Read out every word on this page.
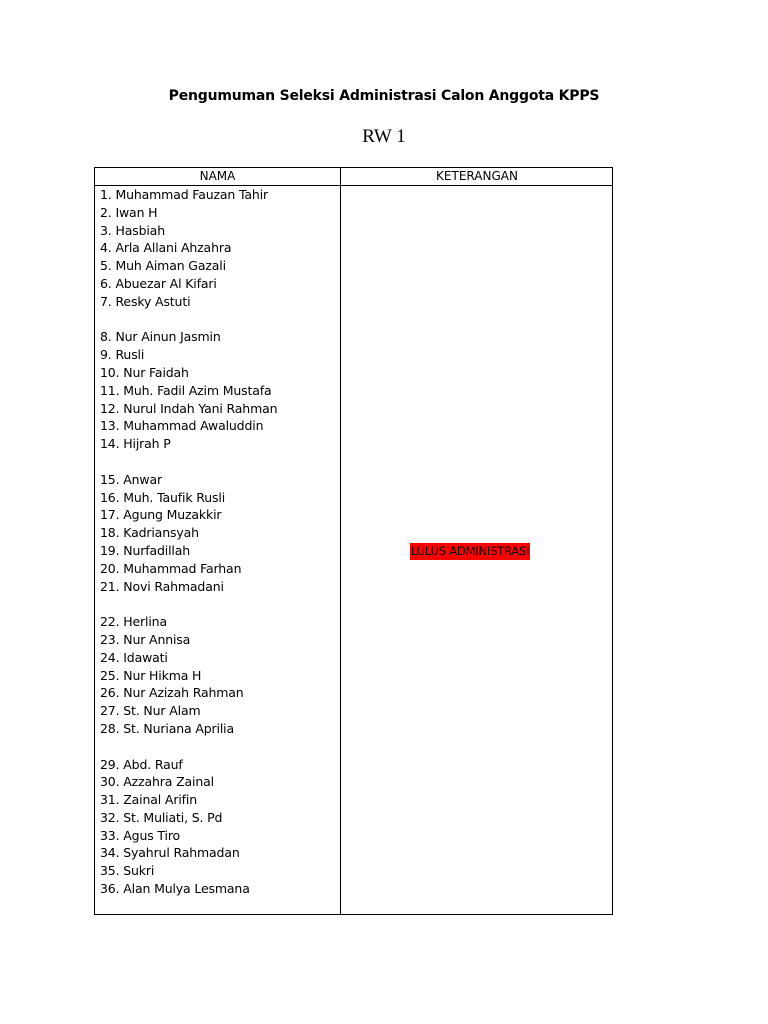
Pengumuman Seleksi Administrasi Calon Anggota KPPS
RW 1
NAMA	KETERANGAN
1. Muhammad Fauzan Tahir
2. Iwan H
3. Hasbiah
4. Arla Allani Ahzahra
5. Muh Aiman Gazali
6. Abuezar Al Kifari
7. Resky Astuti
8. Nur Ainun Jasmin
9. Rusli
10. Nur Faidah
11. Muh. Fadil Azim Mustafa
12. Nurul Indah Yani Rahman
13. Muhammad Awaluddin
14. Hijrah P
15. Anwar
16. Muh. Taufik Rusli
17. Agung Muzakkir
18. Kadriansyah
19. Nurfadillah
20. Muhammad Farhan
21. Novi Rahmadani
22. Herlina
23. Nur Annisa
24. Idawati
25. Nur Hikma H
26. Nur Azizah Rahman
27. St. Nur Alam
28. St. Nuriana Aprilia
29. Abd. Rauf
30. Azzahra Zainal
31. Zainal Arifin
32. St. Muliati, S. Pd
33. Agus Tiro
34. Syahrul Rahmadan
35. Sukri
36. Alan Mulya Lesmana
LULUS ADMINISTRASI
